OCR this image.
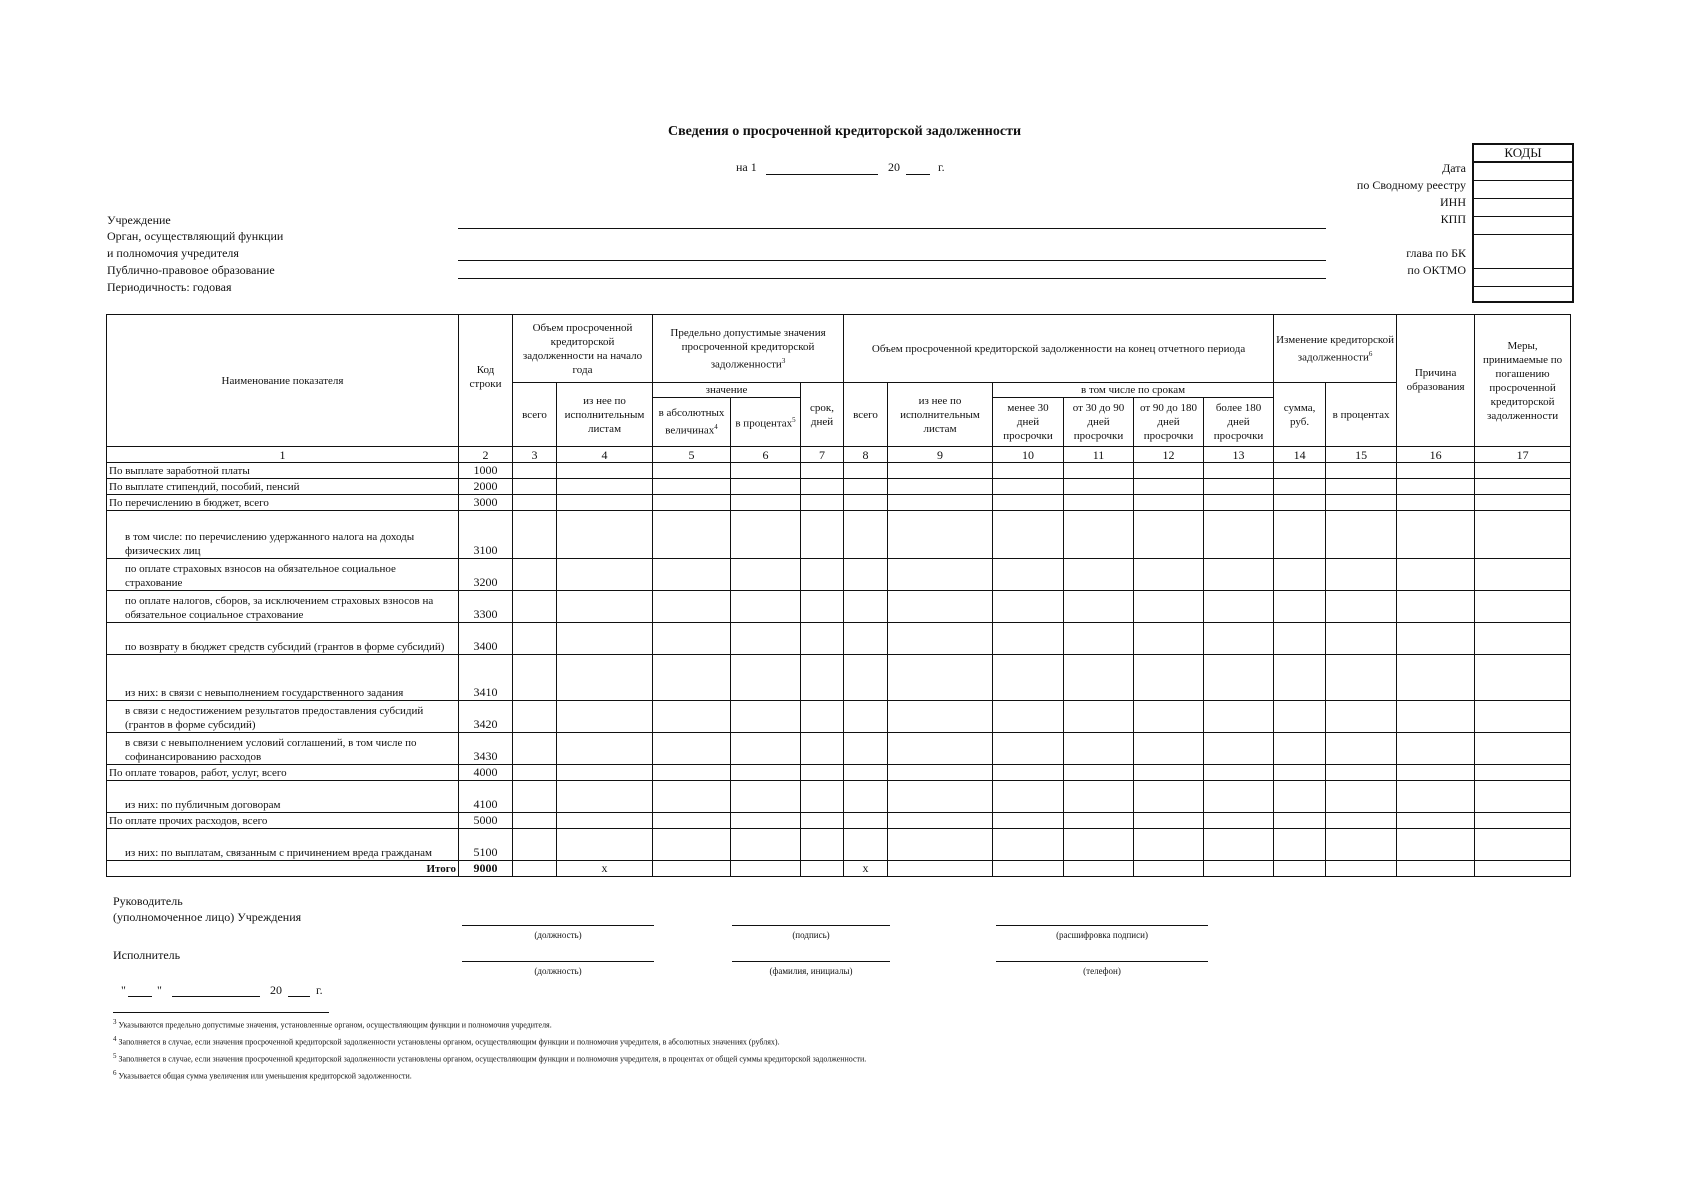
Сведения о просроченной кредиторской задолженности
на 1	20	г.
КОДЫ
Дата
по Сводному реестру
ИНН
КПП
глава по БК
по ОКТМО
Учреждение
Орган, осуществляющий функции
и полномочия учредителя
Публично-правовое образование
Периодичность: годовая
Наименование показателя	Код строки	Объем просроченной кредиторской задолженности на начало года		Предельно допустимые значения просроченной кредиторской задолженности$^3$			Объем просроченной кредиторской задолженности на конец отчетного периода						Изменение кредиторской задолженности$^6$		Причина образования	Меры, принимаемые по погашению просроченной кредиторской задолженности
		всего	из нее по исполнительным листам	значение		срок, дней	всего	из нее по исполнительным листам	в том числе по срокам				сумма, руб.	в процентах		
				в абсолютных величинах$^4$	в процентах$^5$				менее 30 дней просрочки	от 30 до 90 дней просрочки	от 90 до 180 дней просрочки	более 180 дней просрочки				
1	2	3	4	5	6	7	8	9	10	11	12	13	14	15	16	17
По выплате заработной платы	1000															
По выплате стипендий, пособий, пенсий	2000															
По перечислению в бюджет, всего	3000															
в том числе: по перечислению удержанного налога на доходы физических лиц	3100															
по оплате страховых взносов на обязательное социальное страхование	3200															
по оплате налогов, сборов, за исключением страховых взносов на обязательное социальное страхование	3300															
по возврату в бюджет средств субсидий (грантов в форме субсидий)	3400															
из них: в связи с невыполнением государственного задания	3410															
в связи с недостижением результатов предоставления субсидий (грантов в форме субсидий)	3420															
в связи с невыполнением условий соглашений, в том числе по софинансированию расходов	3430															
По оплате товаров, работ, услуг, всего	4000															
из них: по публичным договорам	4100															
По оплате прочих расходов, всего	5000															
из них: по выплатам, связанным с причинением вреда гражданам	5100															
Итого	9000		х				х									
Руководитель
(уполномоченное лицо) Учреждения
(должность)	(подпись)	(расшифровка подписи)
Исполнитель
(должность)	(фамилия, инициалы)	(телефон)
"	"	20	г.
$^3$ Указываются предельно допустимые значения, установленные органом, осуществляющим функции и полномочия учредителя.
$^4$ Заполняется в случае, если значения просроченной кредиторской задолженности установлены органом, осуществляющим функции и полномочия учредителя, в абсолютных значениях (рублях).
$^5$ Заполняется в случае, если значения просроченной кредиторской задолженности установлены органом, осуществляющим функции и полномочия учредителя, в процентах от общей суммы кредиторской задолженности.
$^6$ Указывается общая сумма увеличения или уменьшения кредиторской задолженности.
